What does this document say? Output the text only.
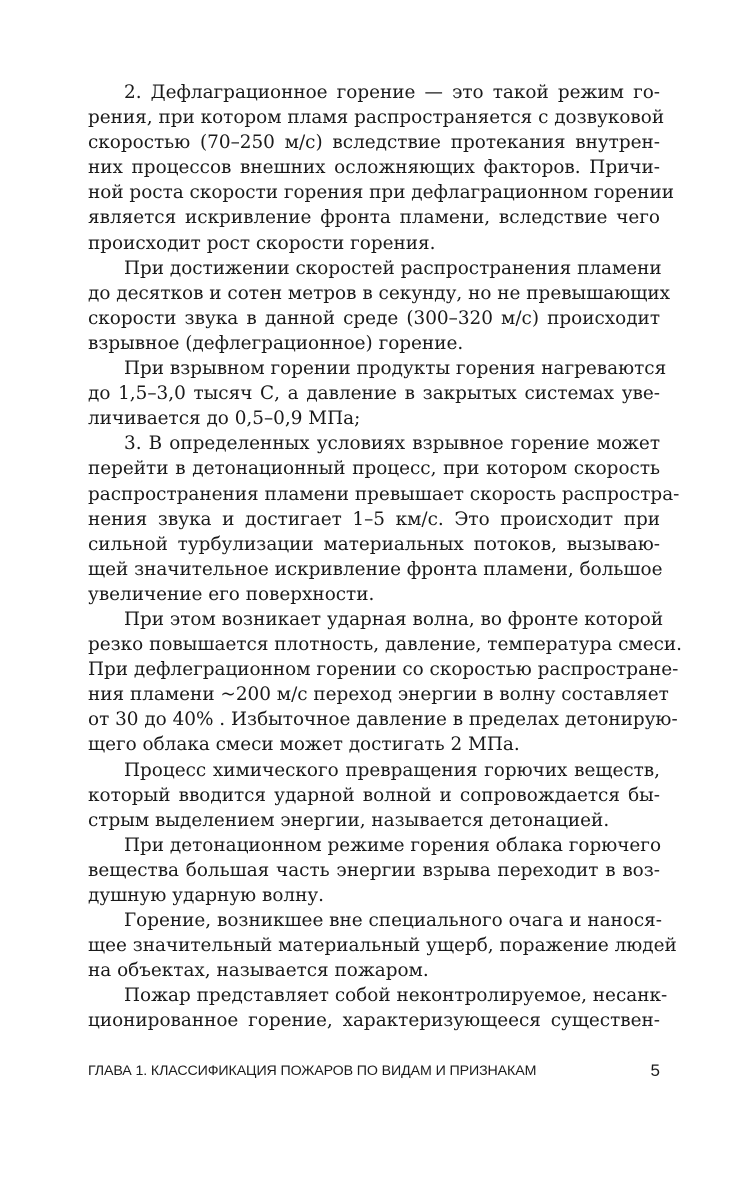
2. Дефлаграционное горение — это такой режим го-
рения, при котором пламя распространяется с дозвуковой
скоростью (70–250 м/с) вследствие протекания внутрен-
них процессов внешних осложняющих факторов. Причи-
ной роста скорости горения при дефлаграционном горении
является искривление фронта пламени, вследствие чего
происходит рост скорости горения.
При достижении скоростей распространения пламени
до десятков и сотен метров в секунду, но не превышающих
скорости звука в данной среде (300–320 м/с) происходит
взрывное (дефлеграционное) горение.
При взрывном горении продукты горения нагреваются
до 1,5–3,0 тысяч С, а давление в закрытых системах уве-
личивается до 0,5–0,9 МПа;
3. В определенных условиях взрывное горение может
перейти в детонационный процесс, при котором скорость
распространения пламени превышает скорость распростра-
нения звука и достигает 1–5 км/с. Это происходит при
сильной турбулизации материальных потоков, вызываю-
щей значительное искривление фронта пламени, большое
увеличение его поверхности.
При этом возникает ударная волна, во фронте которой
резко повышается плотность, давление, температура смеси.
При дефлеграционном горении со скоростью распростране-
ния пламени ~200 м/с переход энергии в волну составляет
от 30 до 40% . Избыточное давление в пределах детонирую-
щего облака смеси может достигать 2 МПа.
Процесс химического превращения горючих веществ,
который вводится ударной волной и сопровождается бы-
стрым выделением энергии, называется детонацией.
При детонационном режиме горения облака горючего
вещества большая часть энергии взрыва переходит в воз-
душную ударную волну.
Горение, возникшее вне специального очага и нанося-
щее значительный материальный ущерб, поражение людей
на объектах, называется пожаром.
Пожар представляет собой неконтролируемое, несанк-
ционированное горение, характеризующееся существен-
ГЛАВА 1. КЛАССИФИКАЦИЯ ПОЖАРОВ ПО ВИДАМ И ПРИЗНАКАМ	5
